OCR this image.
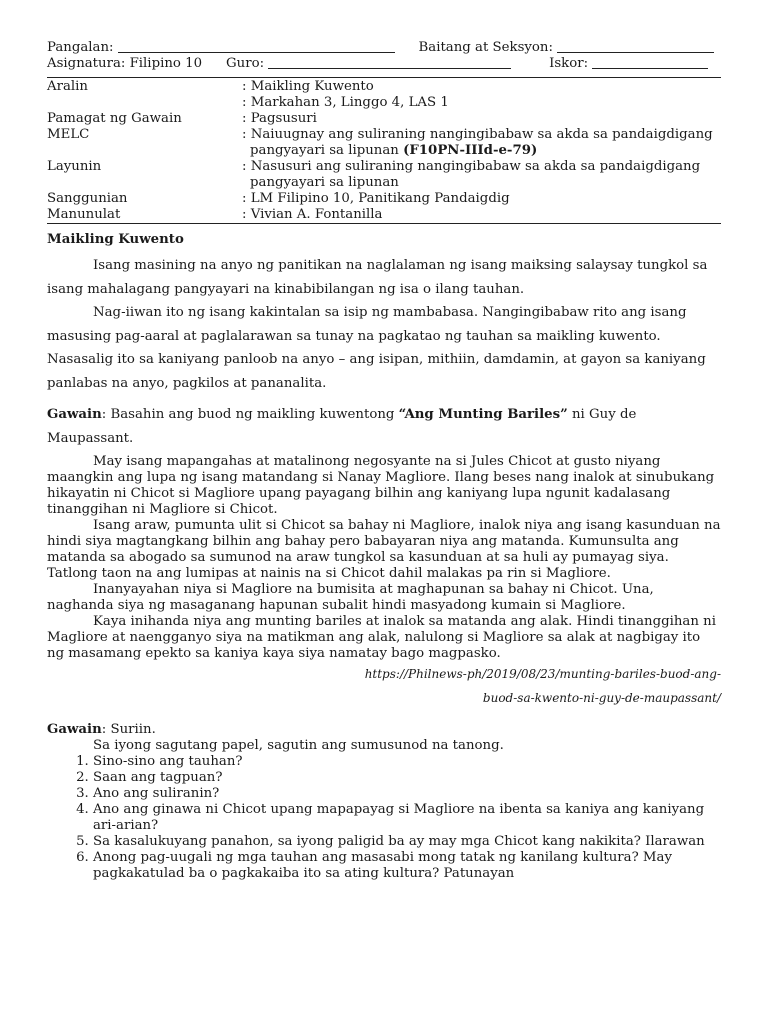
Pangalan:	Baitang at Seksyon:
Asignatura: Filipino 10 Guro:	Iskor:
Aralin	: Maikling Kuwento
: Markahan 3, Linggo 4, LAS 1
Pamagat ng Gawain	: Pagsusuri
MELC	: Naiuugnay ang suliraning nangingibabaw sa akda sa pandaigdigang
pangyayari sa lipunan (F10PN-IIId-e-79)
Layunin	: Nasusuri ang suliraning nangingibabaw sa akda sa pandaigdigang
pangyayari sa lipunan
Sanggunian	: LM Filipino 10, Panitikang Pandaigdig
Manunulat	: Vivian A. Fontanilla
Maikling Kuwento
Isang masining na anyo ng panitikan na naglalaman ng isang maiksing salaysay tungkol sa isang mahalagang pangyayari na kinabibilangan ng isa o ilang tauhan.
Nag-iiwan ito ng isang kakintalan sa isip ng mambabasa. Nangingibabaw rito ang isang masusing pag-aaral at paglalarawan sa tunay na pagkatao ng tauhan sa maikling kuwento. Nasasalig ito sa kaniyang panloob na anyo – ang isipan, mithiin, damdamin, at gayon sa kaniyang panlabas na anyo, pagkilos at pananalita.
Gawain: Basahin ang buod ng maikling kuwentong “Ang Munting Bariles” ni Guy de Maupassant.
May isang mapangahas at matalinong negosyante na si Jules Chicot at gusto niyang maangkin ang lupa ng isang matandang si Nanay Magliore. Ilang beses nang inalok at sinubukang hikayatin ni Chicot si Magliore upang payagang bilhin ang kaniyang lupa ngunit kadalasang tinanggihan ni Magliore si Chicot.
Isang araw, pumunta ulit si Chicot sa bahay ni Magliore, inalok niya ang isang kasunduan na hindi siya magtangkang bilhin ang bahay pero babayaran niya ang matanda. Kumunsulta ang matanda sa abogado sa sumunod na araw tungkol sa kasunduan at sa huli ay pumayag siya. Tatlong taon na ang lumipas at nainis na si Chicot dahil malakas pa rin si Magliore.
Inanyayahan niya si Magliore na bumisita at maghapunan sa bahay ni Chicot. Una, naghanda siya ng masaganang hapunan subalit hindi masyadong kumain si Magliore.
Kaya inihanda niya ang munting bariles at inalok sa matanda ang alak. Hindi tinanggihan ni Magliore at naengganyo siya na matikman ang alak, nalulong si Magliore sa alak at nagbigay ito ng masamang epekto sa kaniya kaya siya namatay bago magpasko.
https://Philnews-ph/2019/08/23/munting-bariles-buod-ang-
buod-sa-kwento-ni-guy-de-maupassant/
Gawain: Suriin.
Sa iyong sagutang papel, sagutin ang sumusunod na tanong.
1. Sino-sino ang tauhan?
2. Saan ang tagpuan?
3. Ano ang suliranin?
4. Ano ang ginawa ni Chicot upang mapapayag si Magliore na ibenta sa kaniya ang kaniyang ari-arian?
5. Sa kasalukuyang panahon, sa iyong paligid ba ay may mga Chicot kang nakikita? Ilarawan
6. Anong pag-uugali ng mga tauhan ang masasabi mong tatak ng kanilang kultura? May pagkakatulad ba o pagkakaiba ito sa ating kultura? Patunayan
